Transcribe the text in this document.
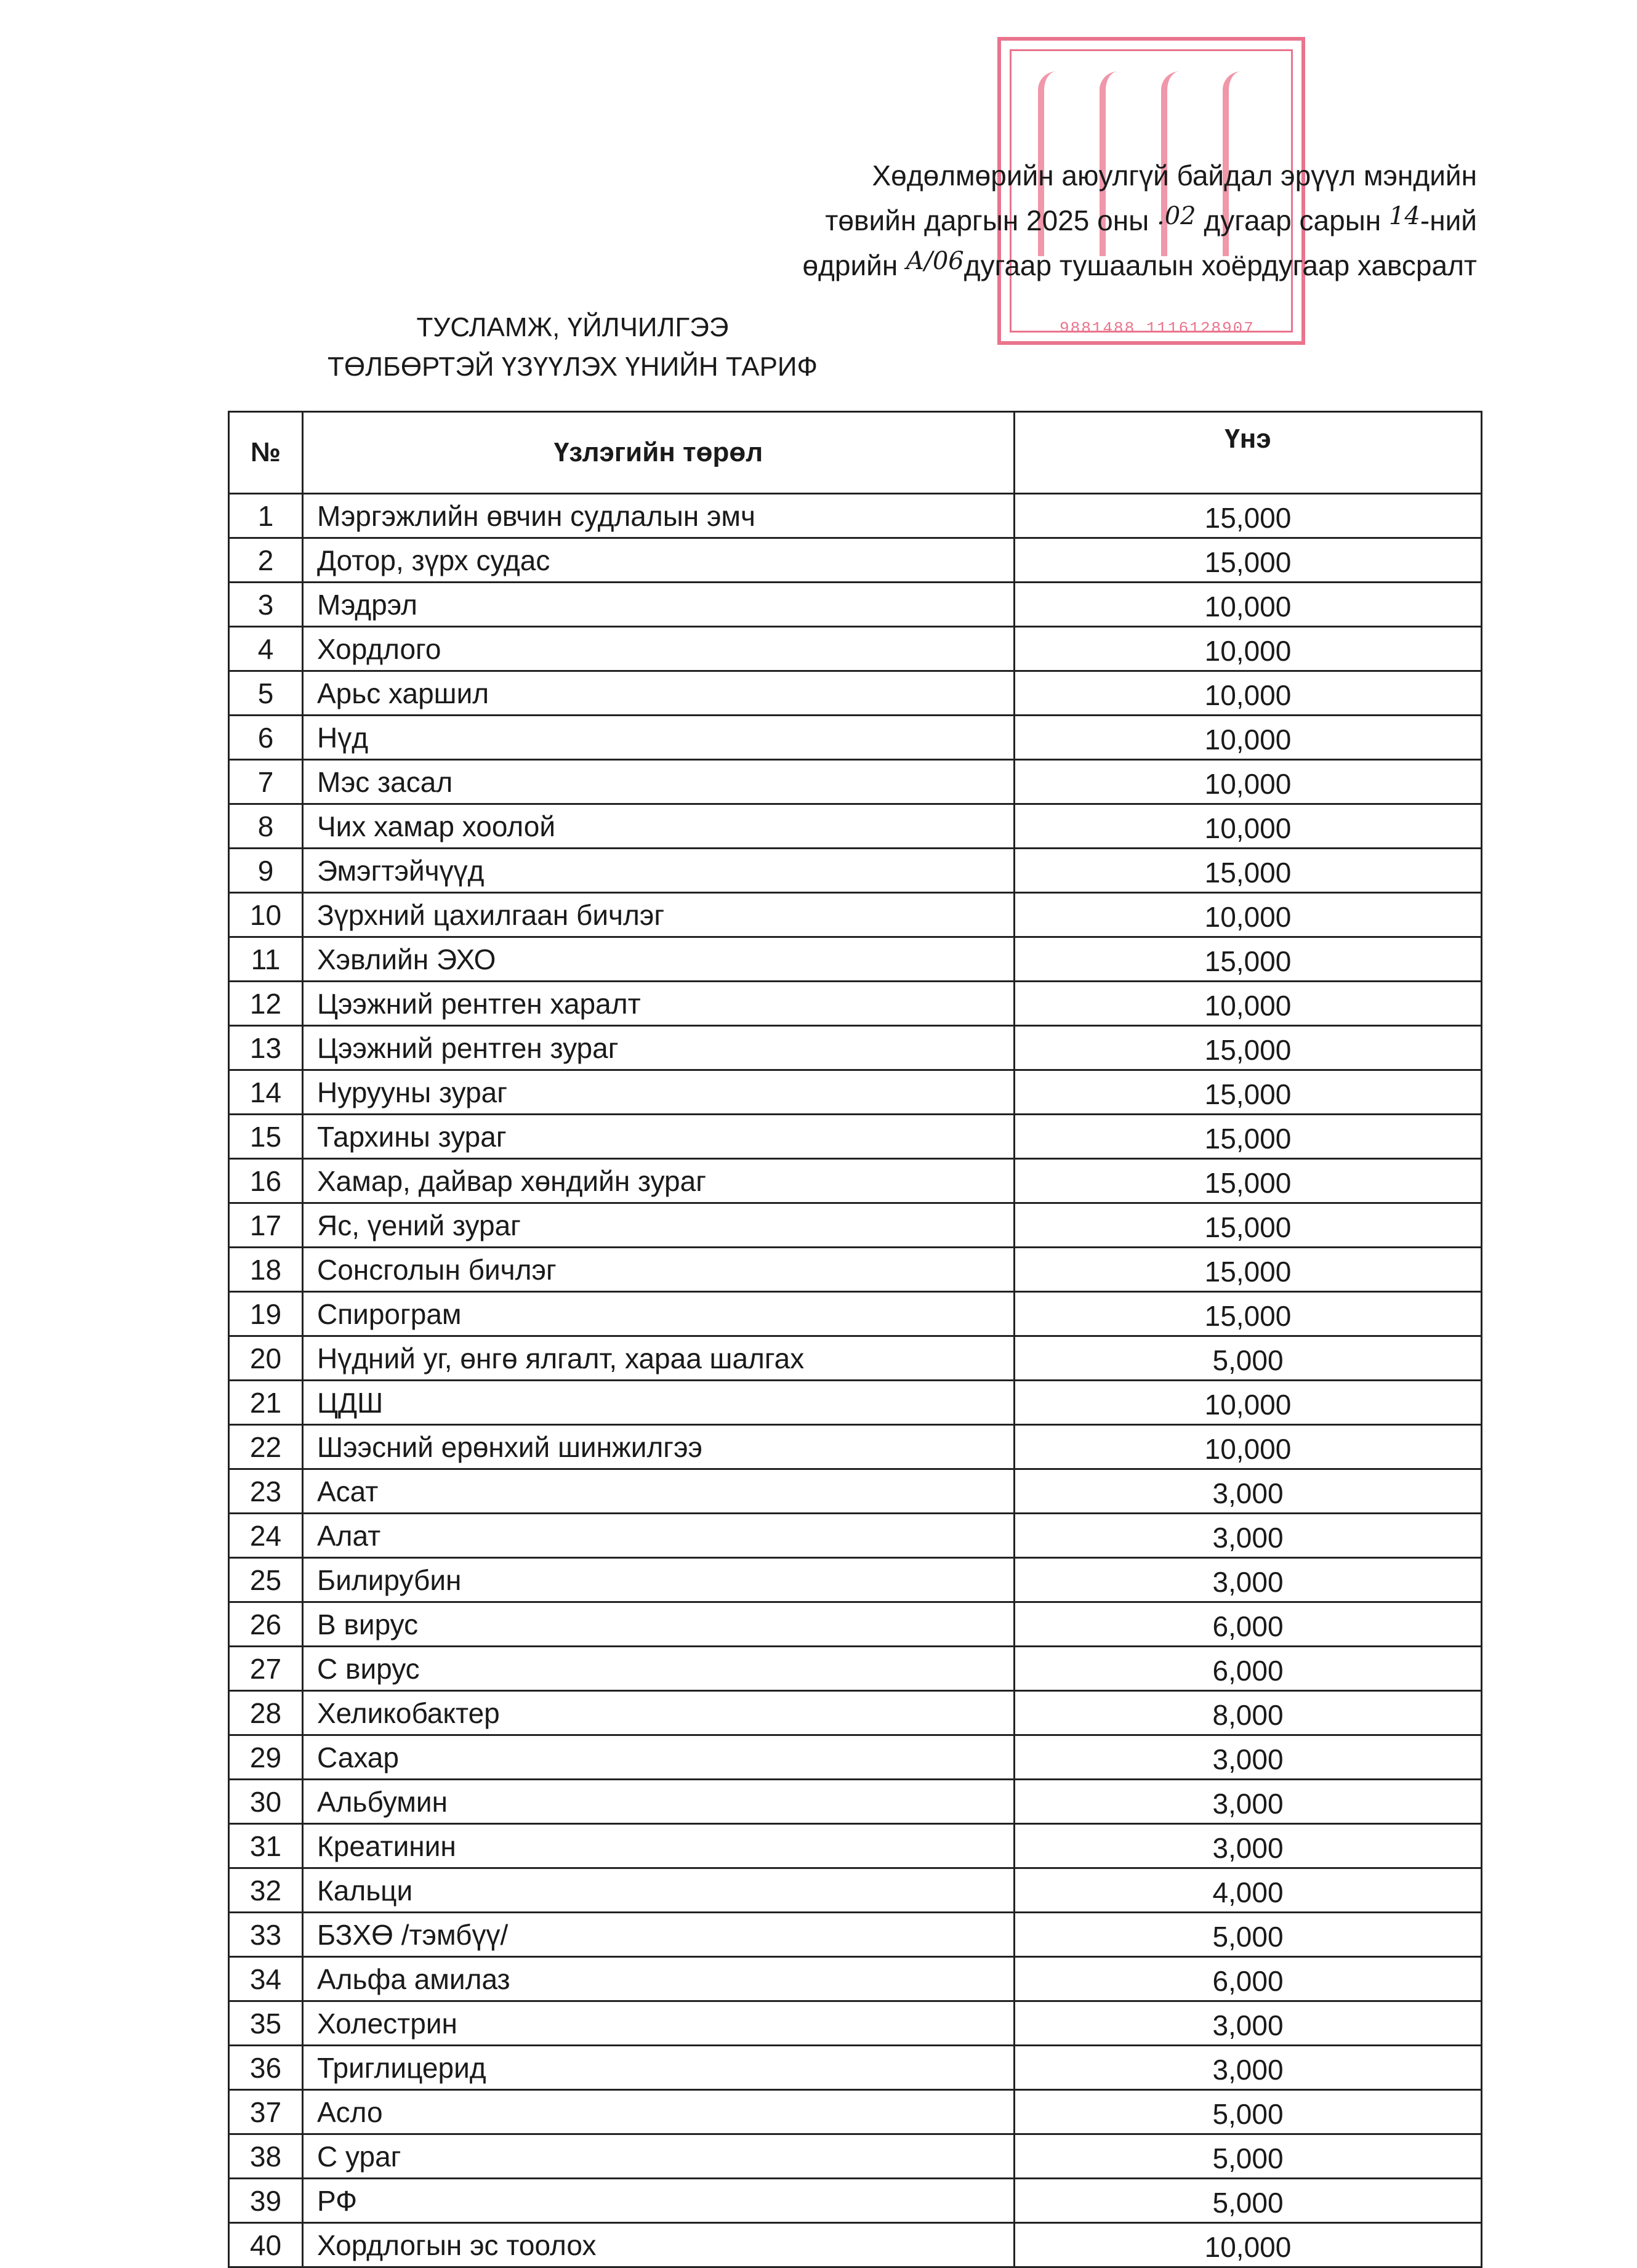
9881488 1116128907
Хөдөлмөрийн аюулгүй байдал эрүүл мэндийн
төвийн даргын 2025 оны .02 дугаар сарын 14-ний
өдрийн А/06дугаар тушаалын хоёрдугаар хавсралт
ТУСЛАМЖ, ҮЙЛЧИЛГЭЭ
ТӨЛБӨРТЭЙ ҮЗҮҮЛЭХ ҮНИЙН ТАРИФ
№	Үзлэгийн төрөл	Үнэ
1	Мэргэжлийн өвчин судлалын эмч	15,000
2	Дотор, зүрх судас	15,000
3	Мэдрэл	10,000
4	Хордлого	10,000
5	Арьс харшил	10,000
6	Нүд	10,000
7	Мэс засал	10,000
8	Чих хамар хоолой	10,000
9	Эмэгтэйчүүд	15,000
10	Зүрхний цахилгаан бичлэг	10,000
11	Хэвлийн ЭХО	15,000
12	Цээжний рентген харалт	10,000
13	Цээжний рентген зураг	15,000
14	Нурууны зураг	15,000
15	Тархины зураг	15,000
16	Хамар, дайвар хөндийн зураг	15,000
17	Яс, үений зураг	15,000
18	Сонсголын бичлэг	15,000
19	Спирограм	15,000
20	Нүдний уг, өнгө ялгалт, хараа шалгах	5,000
21	ЦДШ	10,000
22	Шээсний ерөнхий шинжилгээ	10,000
23	Асат	3,000
24	Алат	3,000
25	Билирубин	3,000
26	В вирус	6,000
27	С вирус	6,000
28	Хеликобактер	8,000
29	Сахар	3,000
30	Альбумин	3,000
31	Креатинин	3,000
32	Кальци	4,000
33	БЗХӨ /тэмбүү/	5,000
34	Альфа амилаз	6,000
35	Холестрин	3,000
36	Триглицерид	3,000
37	Асло	5,000
38	С ураг	5,000
39	РФ	5,000
40	Хордлогын эс тоолох	10,000
